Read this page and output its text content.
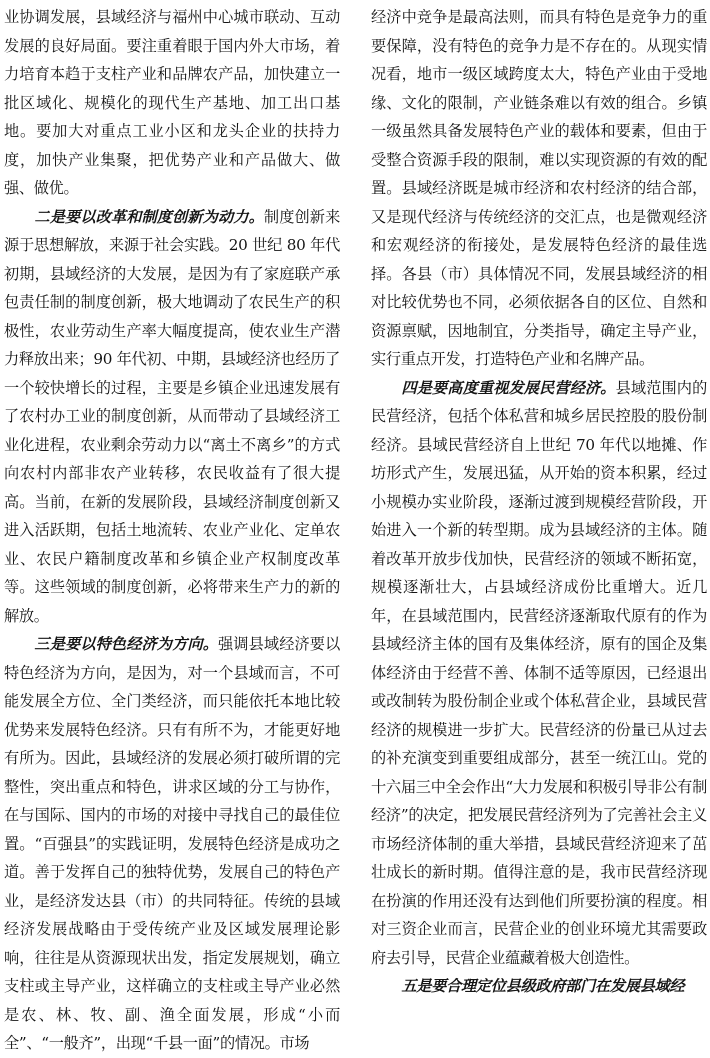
业协调发展，县域经济与福州中心城市联动、互动发展的良好局面。要注重着眼于国内外大市场，着力培育本趋于支柱产业和品牌农产品，加快建立一批区域化、规模化的现代生产基地、加工出口基地。要加大对重点工业小区和龙头企业的扶持力度，加快产业集聚，把优势产业和产品做大、做强、做优。

二是要以改革和制度创新为动力。制度创新来源于思想解放，来源于社会实践。20 世纪 80 年代初期，县域经济的大发展，是因为有了家庭联产承包责任制的制度创新，极大地调动了农民生产的积极性，农业劳动生产率大幅度提高，使农业生产潜力释放出来；90 年代初、中期，县域经济也经历了一个较快增长的过程，主要是乡镇企业迅速发展有了农村办工业的制度创新，从而带动了县域经济工业化进程，农业剩余劳动力以“离土不离乡”的方式向农村内部非农产业转移，农民收益有了很大提高。当前，在新的发展阶段，县域经济制度创新又进入活跃期，包括土地流转、农业产业化、定单农业、农民户籍制度改革和乡镇企业产权制度改革等。这些领域的制度创新，必将带来生产力的新的解放。

三是要以特色经济为方向。强调县域经济要以特色经济为方向，是因为，对一个县域而言，不可能发展全方位、全门类经济，而只能依托本地比较优势来发展特色经济。只有有所不为，才能更好地有所为。因此，县域经济的发展必须打破所谓的完整性，突出重点和特色，讲求区域的分工与协作，在与国际、国内的市场的对接中寻找自己的最佳位置。“百强县”的实践证明，发展特色经济是成功之道。善于发挥自己的独特优势，发展自己的特色产业，是经济发达县（市）的共同特征。传统的县域经济发展战略由于受传统产业及区域发展理论影响，往往是从资源现状出发，指定发展规划，确立支柱或主导产业，这样确立的支柱或主导产业必然是农、林、牧、副、渔全面发展，形成“小而全”、“一般齐”，出现“千县一面”的情况。市场

经济中竞争是最高法则，而具有特色是竞争力的重要保障，没有特色的竞争力是不存在的。从现实情况看，地市一级区域跨度太大，特色产业由于受地缘、文化的限制，产业链条难以有效的组合。乡镇一级虽然具备发展特色产业的载体和要素，但由于受整合资源手段的限制，难以实现资源的有效的配置。县域经济既是城市经济和农村经济的结合部，又是现代经济与传统经济的交汇点，也是微观经济和宏观经济的衔接处，是发展特色经济的最佳选择。各县（市）具体情况不同，发展县域经济的相对比较优势也不同，必须依据各自的区位、自然和资源禀赋，因地制宜，分类指导，确定主导产业，实行重点开发，打造特色产业和名牌产品。

四是要高度重视发展民营经济。县域范围内的民营经济，包括个体私营和城乡居民控股的股份制经济。县域民营经济自上世纪 70 年代以地摊、作坊形式产生，发展迅猛，从开始的资本积累，经过小规模办实业阶段，逐渐过渡到规模经营阶段，开始进入一个新的转型期。成为县域经济的主体。随着改革开放步伐加快，民营经济的领域不断拓宽，规模逐渐壮大，占县域经济成份比重增大。近几年，在县域范围内，民营经济逐渐取代原有的作为县域经济主体的国有及集体经济，原有的国企及集体经济由于经营不善、体制不适等原因，已经退出或改制转为股份制企业或个体私营企业，县域民营经济的规模进一步扩大。民营经济的份量已从过去的补充演变到重要组成部分，甚至一统江山。党的十六届三中全会作出“大力发展和积极引导非公有制经济”的决定，把发展民营经济列为了完善社会主义市场经济体制的重大举措，县域民营经济迎来了茁壮成长的新时期。值得注意的是，我市民营经济现在扮演的作用还没有达到他们所要扮演的程度。相对三资企业而言，民营企业的创业环境尤其需要政府去引导，民营企业蕴藏着极大创造性。

五是要合理定位县级政府部门在发展县域经
